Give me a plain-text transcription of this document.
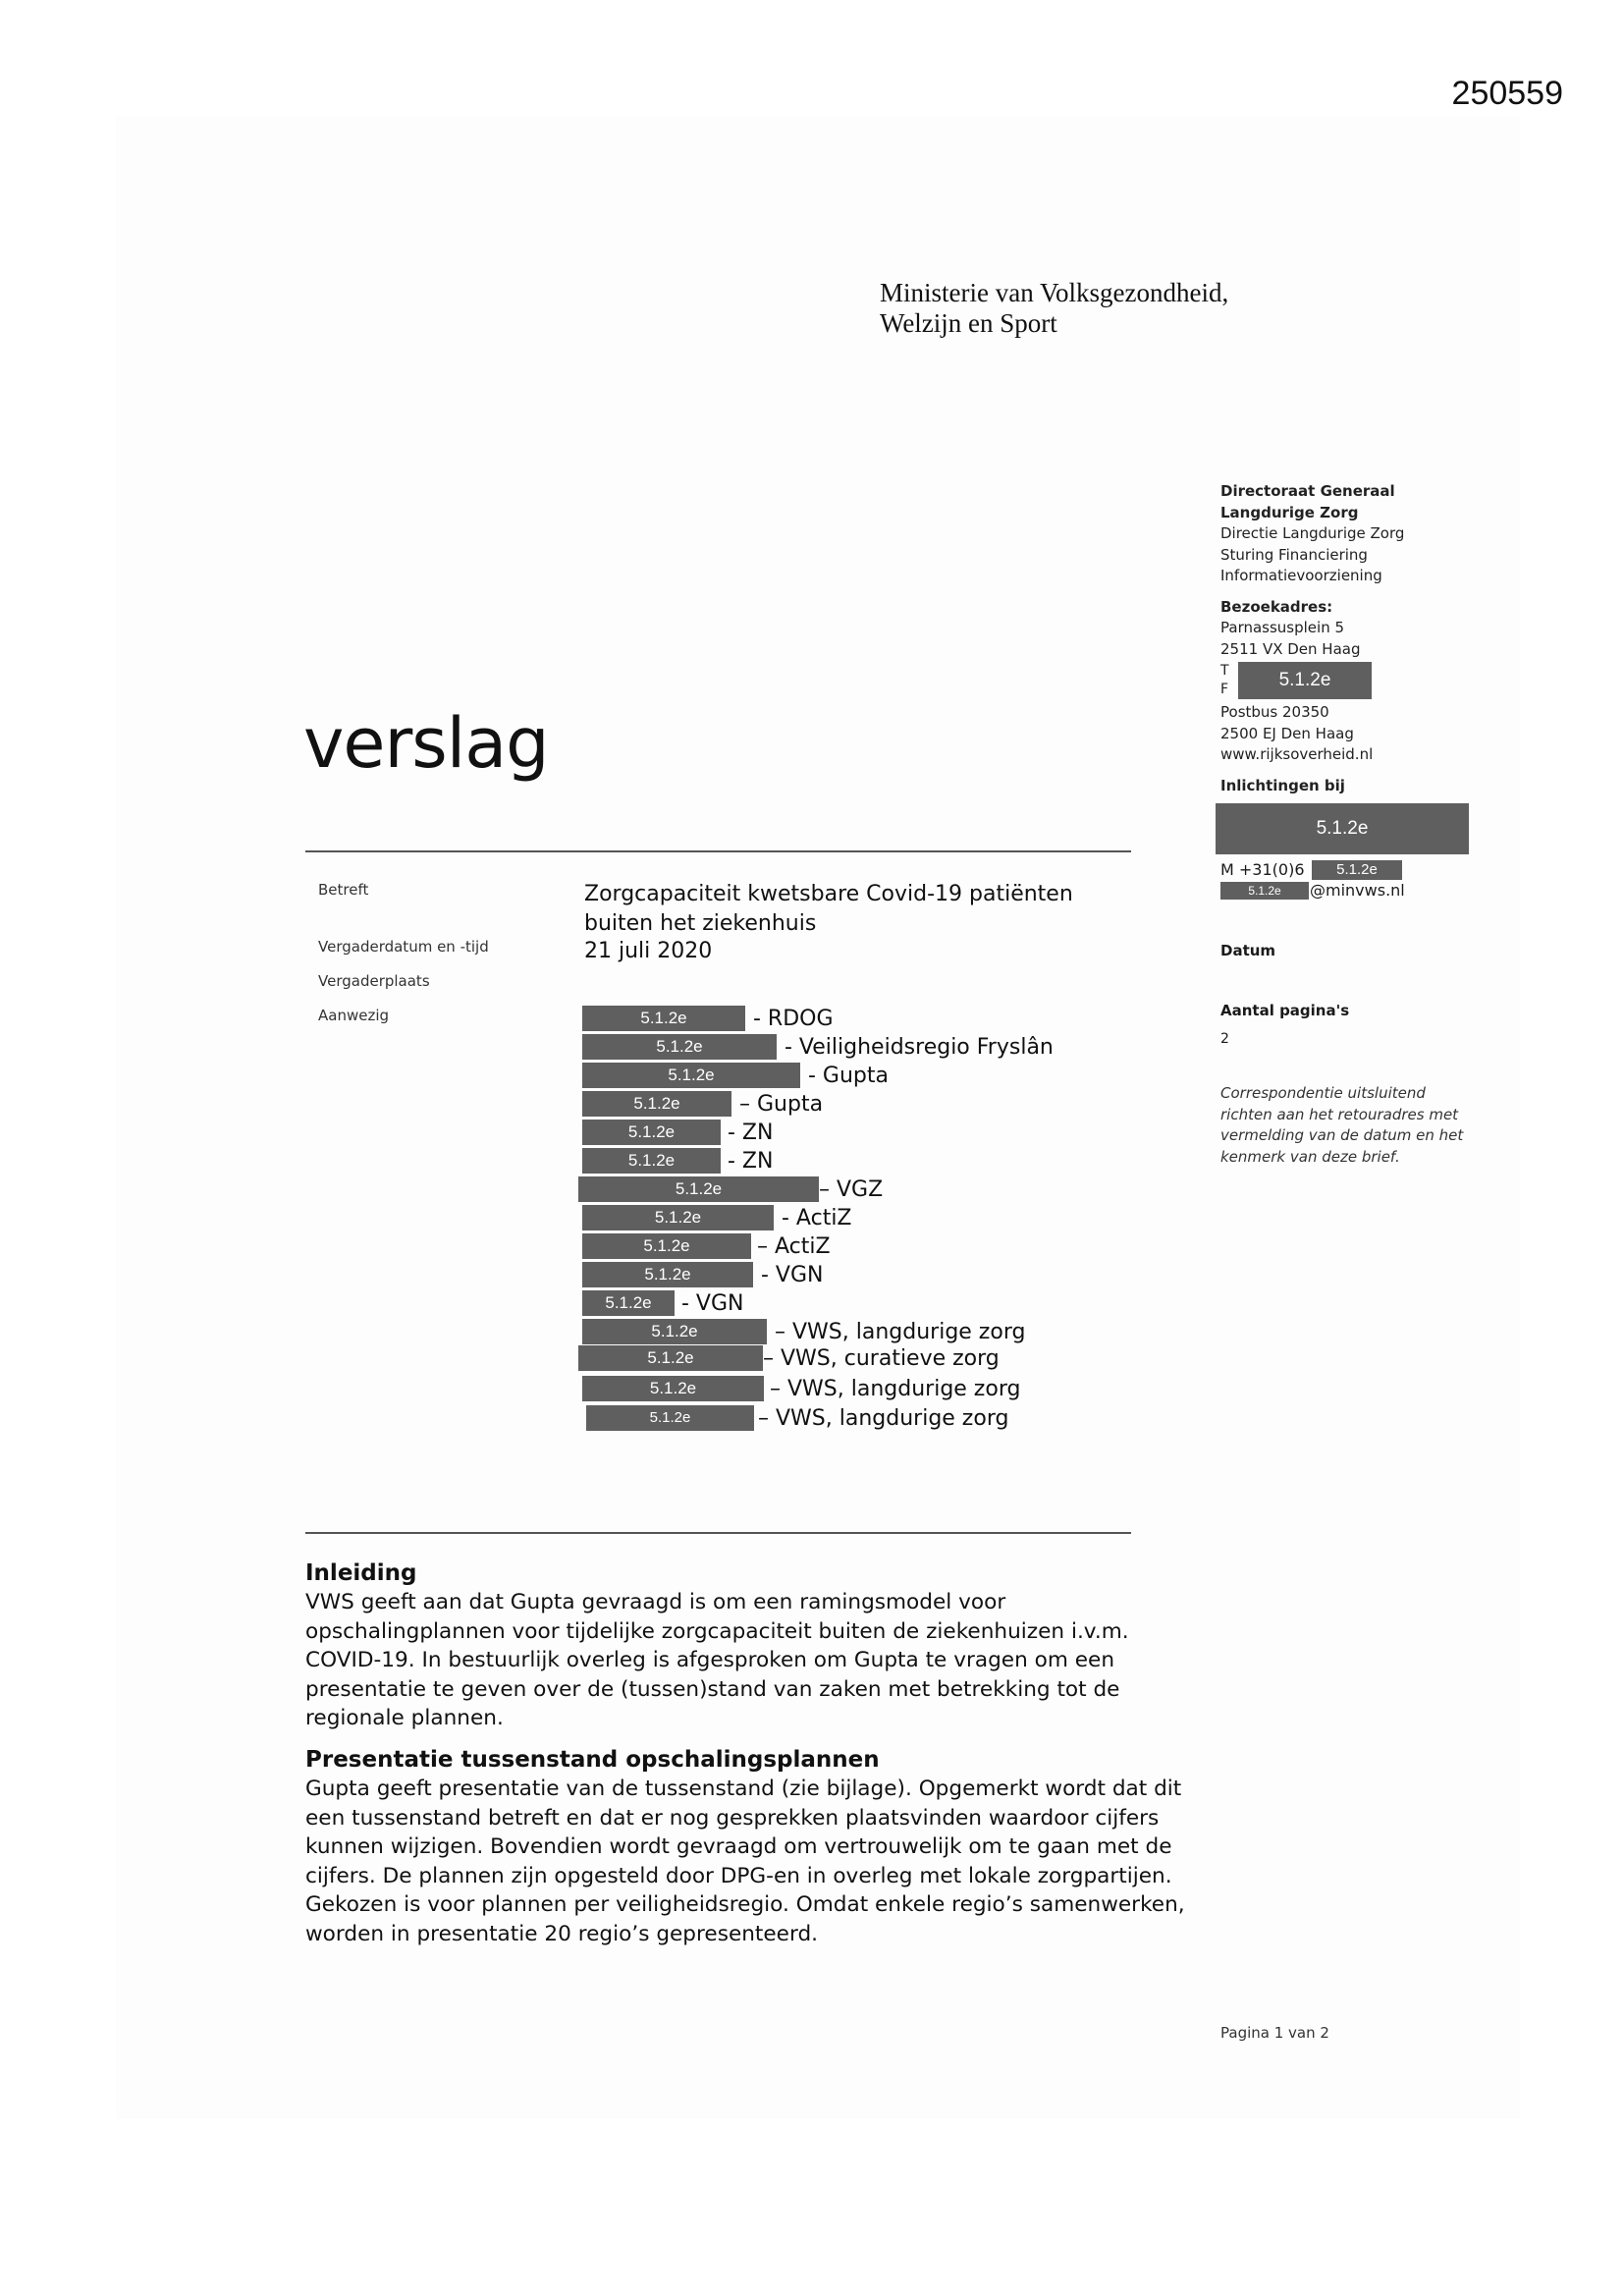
250559
Ministerie van Volksgezondheid,
Welzijn en Sport
verslag
Directoraat Generaal
Langdurige Zorg
Directie Langdurige Zorg
Sturing Financiering
Informatievoorziening
Bezoekadres:
Parnassusplein 5
2511 VX Den Haag
T
F	5.1.2e
Postbus 20350
2500 EJ Den Haag
www.rijksoverheid.nl
Inlichtingen bij
5.1.2e
M +31(0)6	5.1.2e
5.1.2e	@minvws.nl
Datum
Aantal pagina's
2
Correspondentie uitsluitend richten aan het retouradres met vermelding van de datum en het kenmerk van deze brief.
Betreft	Zorgcapaciteit kwetsbare Covid-19 patiënten
buiten het ziekenhuis
Vergaderdatum en -tijd	21 juli 2020
Vergaderplaats
Aanwezig	5.1.2e	- RDOG
5.1.2e	- Veiligheidsregio Fryslân
5.1.2e	- Gupta
5.1.2e	– Gupta
5.1.2e	- ZN
5.1.2e	- ZN
5.1.2e	– VGZ
5.1.2e	- ActiZ
5.1.2e	– ActiZ
5.1.2e	- VGN
5.1.2e	- VGN
5.1.2e	– VWS, langdurige zorg
5.1.2e	– VWS, curatieve zorg
5.1.2e	– VWS, langdurige zorg
5.1.2e	– VWS, langdurige zorg
Inleiding

VWS geeft aan dat Gupta gevraagd is om een ramingsmodel voor

opschalingplannen voor tijdelijke zorgcapaciteit buiten de ziekenhuizen i.v.m.

COVID-19. In bestuurlijk overleg is afgesproken om Gupta te vragen om een

presentatie te geven over de (tussen)stand van zaken met betrekking tot de

regionale plannen.

Presentatie tussenstand opschalingsplannen

Gupta geeft presentatie van de tussenstand (zie bijlage). Opgemerkt wordt dat dit

een tussenstand betreft en dat er nog gesprekken plaatsvinden waardoor cijfers

kunnen wijzigen. Bovendien wordt gevraagd om vertrouwelijk om te gaan met de

cijfers. De plannen zijn opgesteld door DPG-en in overleg met lokale zorgpartijen.

Gekozen is voor plannen per veiligheidsregio. Omdat enkele regio’s samenwerken,

worden in presentatie 20 regio’s gepresenteerd.

Pagina 1 van 2
